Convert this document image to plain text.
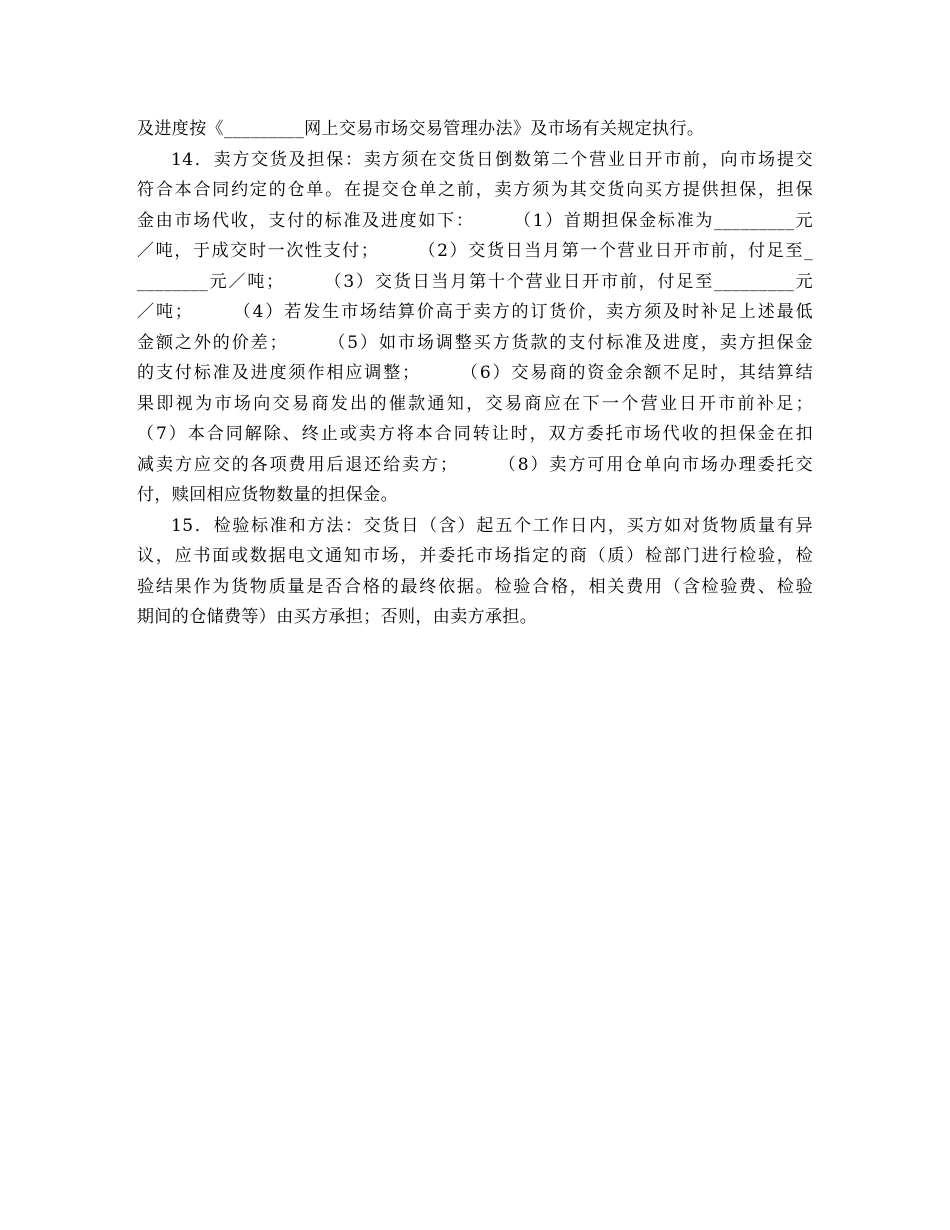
及进度按《_________网上交易市场交易管理办法》及市场有关规定执行。
14．卖方交货及担保：卖方须在交货日倒数第二个营业日开市前，向市场提交
符合本合同约定的仓单。在提交仓单之前，卖方须为其交货向买方提供担保，担保
金由市场代收，支付的标准及进度如下：　　　（1）首期担保金标准为_________元
／吨，于成交时一次性支付；　　　（2）交货日当月第一个营业日开市前，付足至_
________元／吨；　　　（3）交货日当月第十个营业日开市前，付足至_________元
／吨；　　　（4）若发生市场结算价高于卖方的订货价，卖方须及时补足上述最低
金额之外的价差；　　　（5）如市场调整买方货款的支付标准及进度，卖方担保金
的支付标准及进度须作相应调整；　　　（6）交易商的资金余额不足时，其结算结
果即视为市场向交易商发出的催款通知，交易商应在下一个营业日开市前补足；
（7）本合同解除、终止或卖方将本合同转让时，双方委托市场代收的担保金在扣
减卖方应交的各项费用后退还给卖方；　　　（8）卖方可用仓单向市场办理委托交
付，赎回相应货物数量的担保金。
15．检验标准和方法：交货日（含）起五个工作日内，买方如对货物质量有异
议，应书面或数据电文通知市场，并委托市场指定的商（质）检部门进行检验，检
验结果作为货物质量是否合格的最终依据。检验合格，相关费用（含检验费、检验
期间的仓储费等）由买方承担；否则，由卖方承担。
